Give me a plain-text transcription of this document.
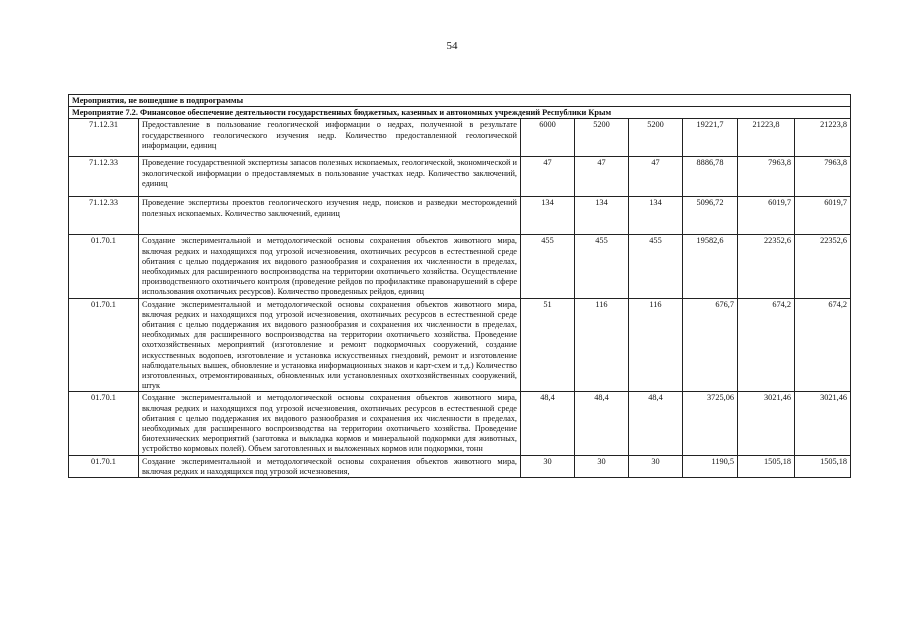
54
Мероприятия, не вошедшие в подпрограммы							
Мероприятие 7.2. Финансовое обеспечение деятельности государственных бюджетных, казенных и автономных учреждений Республики Крым							
71.12.31	Предоставление в пользование геологической информации о недрах, полученной в результате государственного геологического изучения недр. Количество предоставленной геологической информации, единиц	6000	5200	5200	19221,7	21223,8	21223,8
71.12.33	Проведение государственной экспертизы запасов полезных ископаемых, геологической, экономической и экологической информации о предоставляемых в пользование участках недр. Количество заключений, единиц	47	47	47	8886,78	7963,8	7963,8
71.12.33	Проведение экспертизы проектов геологического изучения недр, поисков и разведки месторождений полезных ископаемых. Количество заключений, единиц	134	134	134	5096,72	6019,7	6019,7
01.70.1	Создание экспериментальной и методологической основы сохранения объектов животного мира, включая редких и находящихся под угрозой исчезновения, охотничьих ресурсов в естественной среде обитания с целью поддержания их видового разнообразия и сохранения их численности в пределах, необходимых для расширенного воспроизводства на территории охотничьего хозяйства. Осуществление производственного охотничьего контроля (проведение рейдов по профилактике правонарушений в сфере использования охотничьих ресурсов). Количество проведенных рейдов, единиц	455	455	455	19582,6	22352,6	22352,6
01.70.1	Создание экспериментальной и методологической основы сохранения объектов животного мира, включая редких и находящихся под угрозой исчезновения, охотничьих ресурсов в естественной среде обитания с целью поддержания их видового разнообразия и сохранения их численности в пределах, необходимых для расширенного воспроизводства на территории охотничьего хозяйства. Проведение охотхозяйственных мероприятий (изготовление и ремонт подкормочных сооружений, создание искусственных водопоев, изготовление и установка искусственных гнездовий, ремонт и изготовление наблюдательных вышек, обновление и установка информационных знаков и карт-схем и т.д.) Количество изготовленных, отремонтированных, обновленных или установленных охотхозяйственных сооружений, штук	51	116	116	676,7	674,2	674,2
01.70.1	Создание экспериментальной и методологической основы сохранения объектов животного мира, включая редких и находящихся под угрозой исчезновения, охотничьих ресурсов в естественной среде обитания с целью поддержания их видового разнообразия и сохранения их численности в пределах, необходимых для расширенного воспроизводства на территории охотничьего хозяйства. Проведение биотехнических мероприятий (заготовка и выкладка кормов и минеральной подкормки для животных, устройство кормовых полей). Объем заготовленных и выложенных кормов или подкормки, тонн	48,4	48,4	48,4	3725,06	3021,46	3021,46
01.70.1	Создание экспериментальной и методологической основы сохранения объектов животного мира, включая редких и находящихся под угрозой исчезновения,	30	30	30	1190,5	1505,18	1505,18
